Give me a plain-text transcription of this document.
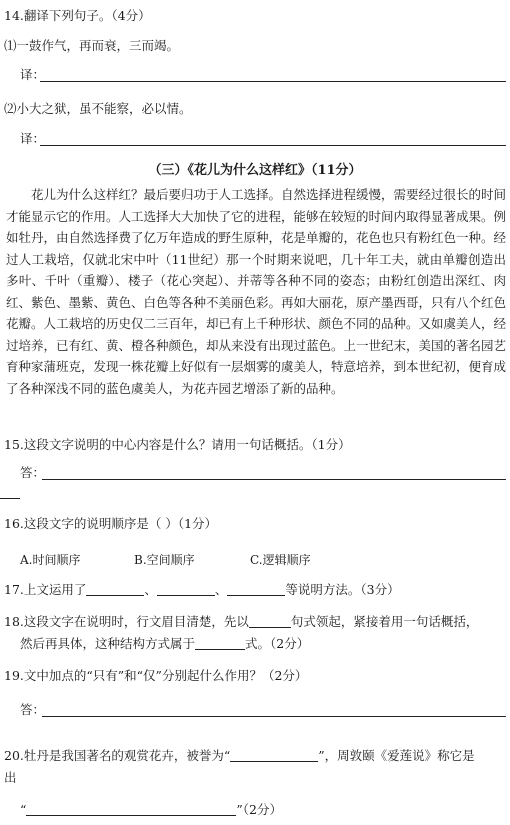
14.翻译下列句子。（4分）
⑴一鼓作气，再而衰，三而竭。
译：
⑵小大之狱，虽不能察，必以情。
译：
（三）《花儿为什么这样红》（11分）
花儿为什么这样红？最后要归功于人工选择。自然选择进程缓慢，需要经过很长的时间才能显示它的作用。人工选择大大加快了它的进程，能够在较短的时间内取得显著成果。例如牡丹，由自然选择费了亿万年造成的野生原种，花是单瓣的，花色也只有粉红色一种。经过人工栽培，仅就北宋中叶（11世纪）那一个时期来说吧，几十年工夫，就由单瓣创造出多叶、千叶（重瓣）、楼子（花心突起）、并蒂等各种不同的姿态；由粉红创造出深红、肉红、紫色、墨紫、黄色、白色等各种不美丽色彩。再如大丽花，原产墨西哥，只有八个红色花瓣。人工栽培的历史仅二三百年，却已有上千种形状、颜色不同的品种。又如虞美人，经过培养，已有红、黄、橙各种颜色，却从来没有出现过蓝色。上一世纪末，美国的著名园艺育种家蒲班克，发现一株花瓣上好似有一层烟雾的虞美人，特意培养，到本世纪初，便育成了各种深浅不同的蓝色虞美人，为花卉园艺增添了新的品种。
15.这段文字说明的中心内容是什么？请用一句话概括。（1分）
答：
16.这段文字的说明顺序是（ ）（1分）
A.时间顺序	B.空间顺序	C.逻辑顺序
17.上文运用了	、	、	等说明方法。（3分）
18.这段文字在说明时，行文眉目清楚，先以	句式领起，紧接着用一句话概括，
然后再具体，这种结构方式属于	式。（2分）
19.文中加点的“只有”和“仅”分别起什么作用？（2分）
答：
20.牡丹是我国著名的观赏花卉，被誉为“	”，周敦颐《爱莲说》称它是
出
“	”（2分）
